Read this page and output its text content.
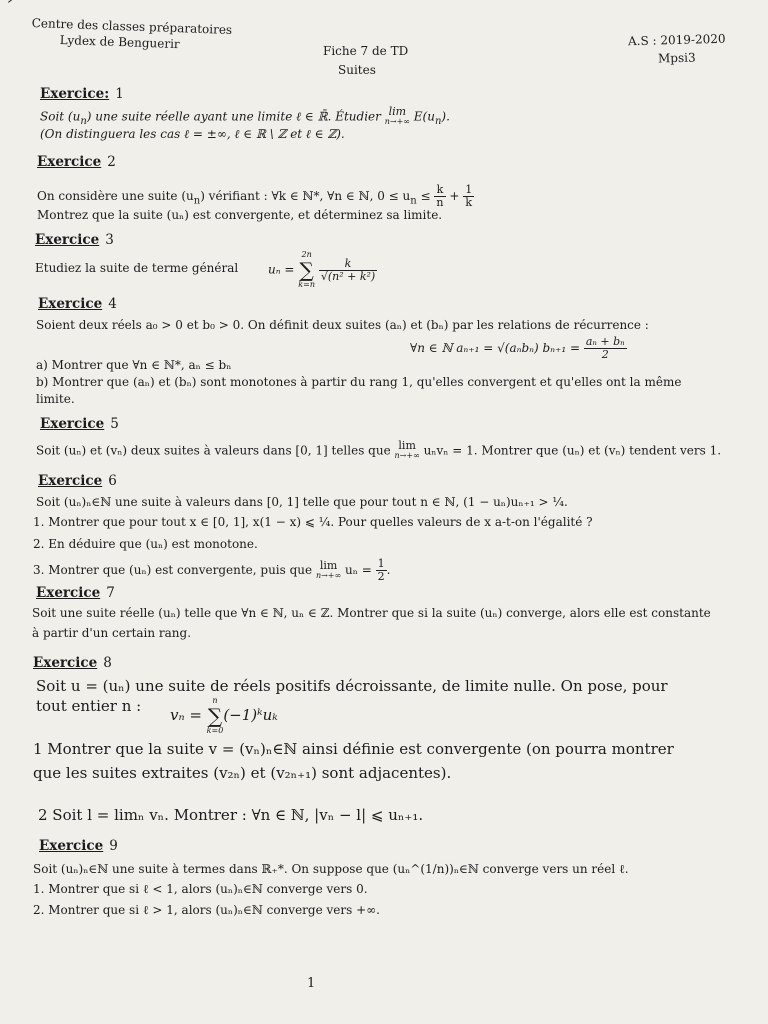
Centre des classes préparatoires
Lydex de Benguerir	Fiche 7 de TD
Suites
A.S : 2019-2020
Mpsi3
Exercice: 1
Soit $(u_n)$ une suite réelle ayant une limite ℓ ∈ ℝ̄. Étudier lim
n→+∞ $E(u_n)$.
(On distinguera les cas ℓ = ±∞, ℓ ∈ ℝ \ ℤ et ℓ ∈ ℤ).
Exercice 2
On considère une suite $(u_n)$ vérifiant : ∀k ∈ ℕ*, ∀n ∈ ℕ, $0 \le u_n \le \frac{k}{n} + \frac{1}{k}$
Montrez que la suite (uₙ) est convergente, et déterminez sa limite.
Exercice 3
Etudiez la suite de terme général uₙ =
2n
∑
k=n

$\frac{k}{\text{√(n² + k²)}}$
Exercice 4
Soient deux réels a₀ > 0 et b₀ > 0. On définit deux suites (aₙ) et (bₙ) par les relations de récurrence :
∀n ∈ ℕ aₙ₊₁ = √(aₙbₙ) $b_{n+1} = \frac{\text{aₙ + bₙ}}{2}$
a) Montrer que ∀n ∈ ℕ*, aₙ ≤ bₙ
b) Montrer que (aₙ) et (bₙ) sont monotones à partir du rang 1, qu'elles convergent et qu'elles ont la même
limite.
Exercice 5
Soit (uₙ) et (vₙ) deux suites à valeurs dans [0, 1] telles que lim
n→+∞ uₙvₙ = 1. Montrer que (uₙ) et (vₙ) tendent vers 1.
Exercice 6
Soit (uₙ)ₙ∈ℕ une suite à valeurs dans [0, 1] telle que pour tout n ∈ ℕ, (1 − uₙ)uₙ₊₁ > ¼.
1. Montrer que pour tout x ∈ [0, 1], x(1 − x) ⩽ ¼. Pour quelles valeurs de x a-t-on l'égalité ?
2. En déduire que (uₙ) est monotone.
3. Montrer que (uₙ) est convergente, puis que lim
n→+∞ $u_n = \frac{1}{2}$ .
Exercice 7
Soit une suite réelle (uₙ) telle que ∀n ∈ ℕ, uₙ ∈ ℤ. Montrer que si la suite (uₙ) converge, alors elle est constante
à partir d'un certain rang.
Exercice 8
Soit u = (uₙ) une suite de réels positifs décroissante, de limite nulle. On pose, pour
tout entier n : vₙ =
n
∑
k=0
(−1)ᵏuₖ
1 Montrer que la suite v = (vₙ)ₙ∈ℕ ainsi définie est convergente (on pourra montrer
que les suites extraites (v₂ₙ) et (v₂ₙ₊₁) sont adjacentes).
2 Soit l = limₙ vₙ. Montrer : ∀n ∈ ℕ, |vₙ − l| ⩽ uₙ₊₁.
Exercice 9
Soit (uₙ)ₙ∈ℕ une suite à termes dans ℝ₊*. On suppose que (uₙ^(1/n))ₙ∈ℕ converge vers un réel ℓ.
1. Montrer que si ℓ < 1, alors (uₙ)ₙ∈ℕ converge vers 0.
2. Montrer que si ℓ > 1, alors (uₙ)ₙ∈ℕ converge vers +∞.
1
